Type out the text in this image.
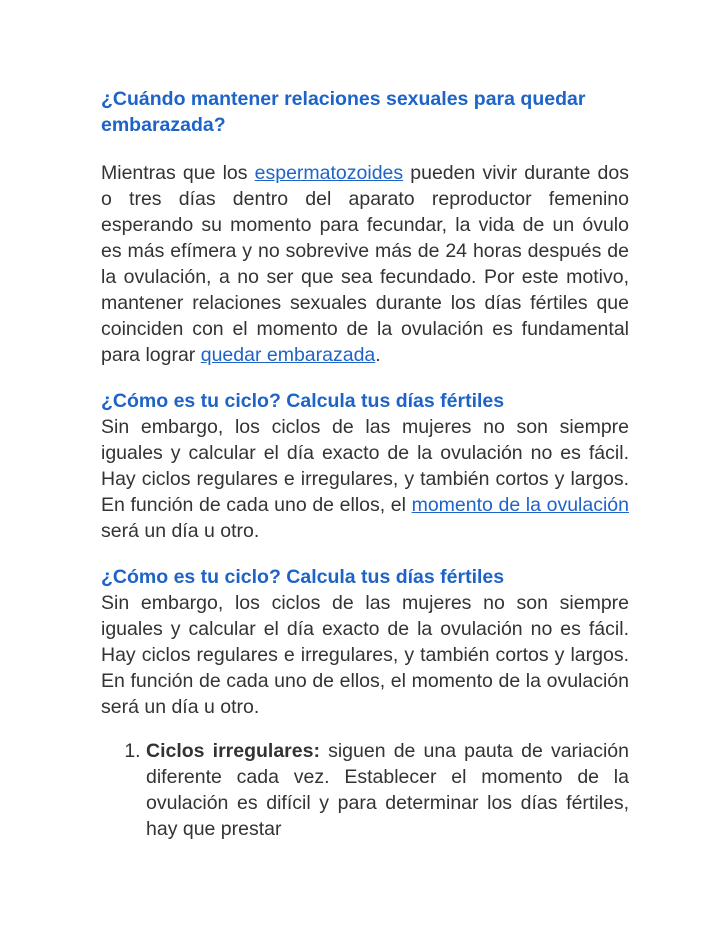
¿Cuándo mantener relaciones sexuales para quedar embarazada?

Mientras que los espermatozoides pueden vivir durante dos o tres días dentro del aparato reproductor femenino esperando su momento para fecundar, la vida de un óvulo es más efímera y no sobrevive más de 24 horas después de la ovulación, a no ser que sea fecundado. Por este motivo, mantener relaciones sexuales durante los días fértiles que coinciden con el momento de la ovulación es fundamental para lograr quedar embarazada.

¿Cómo es tu ciclo? Calcula tus días fértiles

Sin embargo, los ciclos de las mujeres no son siempre iguales y calcular el día exacto de la ovulación no es fácil. Hay ciclos regulares e irregulares, y también cortos y largos. En función de cada uno de ellos, el momento de la ovulación será un día u otro.

¿Cómo es tu ciclo? Calcula tus días fértiles

Sin embargo, los ciclos de las mujeres no son siempre iguales y calcular el día exacto de la ovulación no es fácil. Hay ciclos regulares e irregulares, y también cortos y largos. En función de cada uno de ellos, el momento de la ovulación será un día u otro.

1. Ciclos irregulares: siguen de una pauta de variación diferente cada vez. Establecer el momento de la ovulación es difícil y para determinar los días fértiles, hay que prestar
